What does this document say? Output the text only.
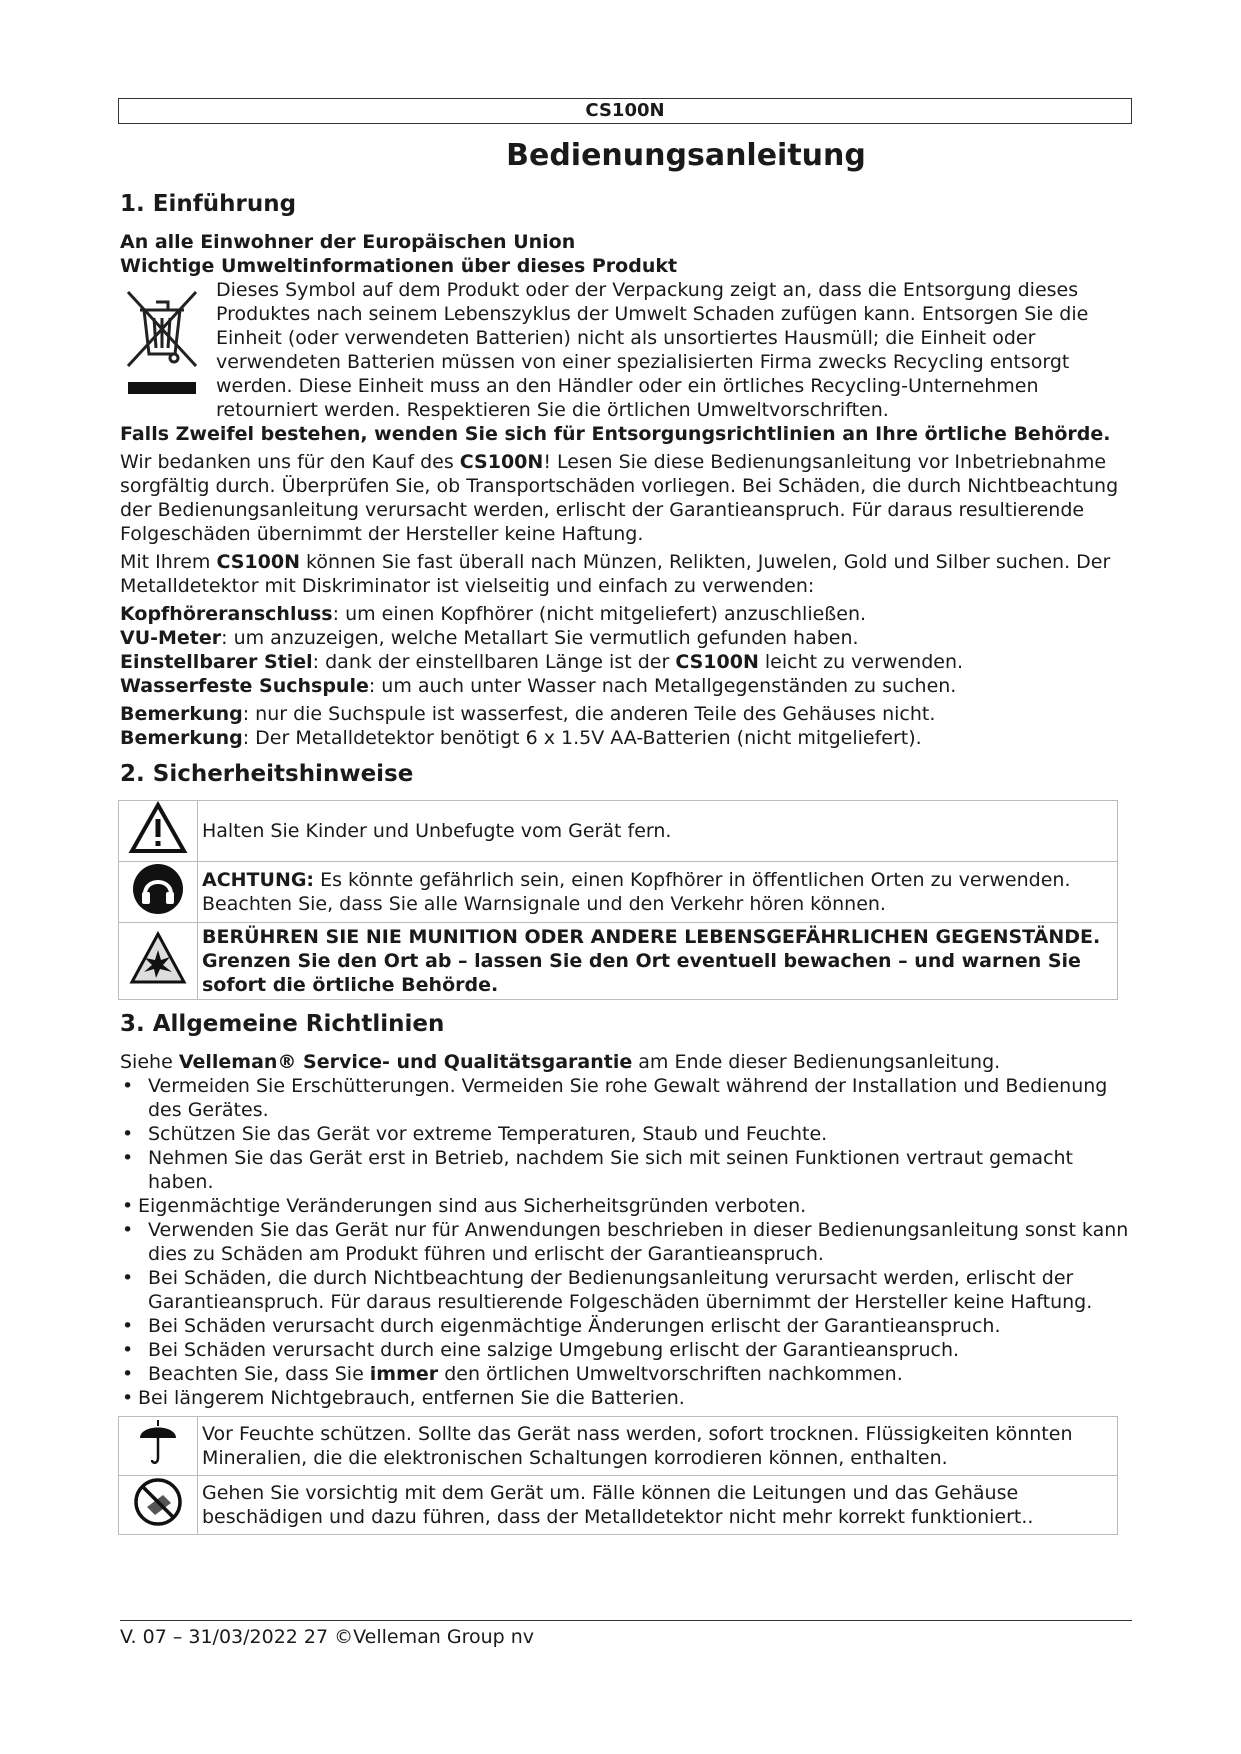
CS100N
Bedienungsanleitung
1. Einführung

An alle Einwohner der Europäischen Union

Wichtige Umweltinformationen über dieses Produkt

Dieses Symbol auf dem Produkt oder der Verpackung zeigt an, dass die Entsorgung dieses Produktes nach seinem Lebenszyklus der Umwelt Schaden zufügen kann. Entsorgen Sie die Einheit (oder verwendeten Batterien) nicht als unsortiertes Hausmüll; die Einheit oder verwendeten Batterien müssen von einer spezialisierten Firma zwecks Recycling entsorgt werden. Diese Einheit muss an den Händler oder ein örtliches Recycling-Unternehmen retourniert werden. Respektieren Sie die örtlichen Umweltvorschriften.

Falls Zweifel bestehen, wenden Sie sich für Entsorgungsrichtlinien an Ihre örtliche Behörde.

Wir bedanken uns für den Kauf des CS100N! Lesen Sie diese Bedienungsanleitung vor Inbetriebnahme sorgfältig durch. Überprüfen Sie, ob Transportschäden vorliegen. Bei Schäden, die durch Nichtbeachtung der Bedienungsanleitung verursacht werden, erlischt der Garantieanspruch. Für daraus resultierende Folgeschäden übernimmt der Hersteller keine Haftung.

Mit Ihrem CS100N können Sie fast überall nach Münzen, Relikten, Juwelen, Gold und Silber suchen. Der Metalldetektor mit Diskriminator ist vielseitig und einfach zu verwenden:

Kopfhöreranschluss: um einen Kopfhörer (nicht mitgeliefert) anzuschließen.

VU-Meter: um anzuzeigen, welche Metallart Sie vermutlich gefunden haben.

Einstellbarer Stiel: dank der einstellbaren Länge ist der CS100N leicht zu verwenden.

Wasserfeste Suchspule: um auch unter Wasser nach Metallgegenständen zu suchen.

Bemerkung: nur die Suchspule ist wasserfest, die anderen Teile des Gehäuses nicht.

Bemerkung: Der Metalldetektor benötigt 6 x 1.5V AA-Batterien (nicht mitgeliefert).

2. Sicherheitshinweise
	Halten Sie Kinder und Unbefugte vom Gerät fern.
	ACHTUNG: Es könnte gefährlich sein, einen Kopfhörer in öffentlichen Orten zu verwenden. Beachten Sie, dass Sie alle Warnsignale und den Verkehr hören können.
	BERÜHREN SIE NIE MUNITION ODER ANDERE LEBENSGEFÄHRLICHEN GEGENSTÄNDE. Grenzen Sie den Ort ab – lassen Sie den Ort eventuell bewachen – und warnen Sie sofort die örtliche Behörde.
3. Allgemeine Richtlinien

Siehe Velleman® Service- und Qualitätsgarantie am Ende dieser Bedienungsanleitung.

• Vermeiden Sie Erschütterungen. Vermeiden Sie rohe Gewalt während der Installation und Bedienung des Gerätes.
• Schützen Sie das Gerät vor extreme Temperaturen, Staub und Feuchte.
• Nehmen Sie das Gerät erst in Betrieb, nachdem Sie sich mit seinen Funktionen vertraut gemacht haben.
• Eigenmächtige Veränderungen sind aus Sicherheitsgründen verboten.
• Verwenden Sie das Gerät nur für Anwendungen beschrieben in dieser Bedienungsanleitung sonst kann dies zu Schäden am Produkt führen und erlischt der Garantieanspruch.
• Bei Schäden, die durch Nichtbeachtung der Bedienungsanleitung verursacht werden, erlischt der Garantieanspruch. Für daraus resultierende Folgeschäden übernimmt der Hersteller keine Haftung.
• Bei Schäden verursacht durch eigenmächtige Änderungen erlischt der Garantieanspruch.
• Bei Schäden verursacht durch eine salzige Umgebung erlischt der Garantieanspruch.
• Beachten Sie, dass Sie immer den örtlichen Umweltvorschriften nachkommen.
• Bei längerem Nichtgebrauch, entfernen Sie die Batterien.
	Vor Feuchte schützen. Sollte das Gerät nass werden, sofort trocknen. Flüssigkeiten könnten Mineralien, die die elektronischen Schaltungen korrodieren können, enthalten.
	Gehen Sie vorsichtig mit dem Gerät um. Fälle können die Leitungen und das Gehäuse beschädigen und dazu führen, dass der Metalldetektor nicht mehr korrekt funktioniert..
V. 07 – 31/03/2022 27 ©Velleman Group nv
